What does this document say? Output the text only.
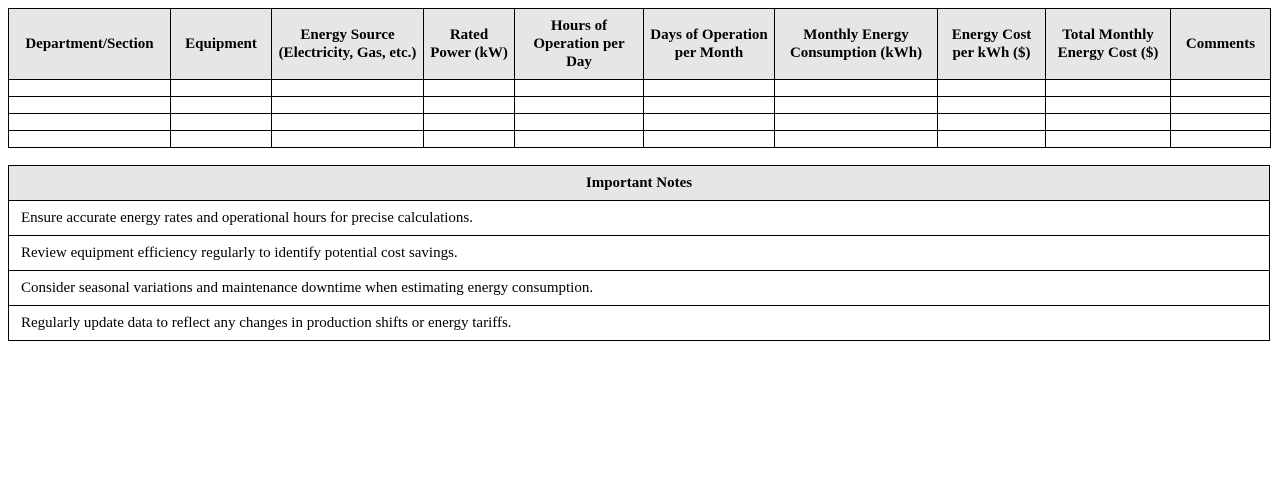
Department/Section	Equipment	Energy Source (Electricity, Gas, etc.)	Rated Power (kW)	Hours of Operation per Day	Days of Operation per Month	Monthly Energy Consumption (kWh)	Energy Cost per kWh ($)	Total Monthly Energy Cost ($)	Comments

Important Notes
Ensure accurate energy rates and operational hours for precise calculations.
Review equipment efficiency regularly to identify potential cost savings.
Consider seasonal variations and maintenance downtime when estimating energy consumption.
Regularly update data to reflect any changes in production shifts or energy tariffs.
